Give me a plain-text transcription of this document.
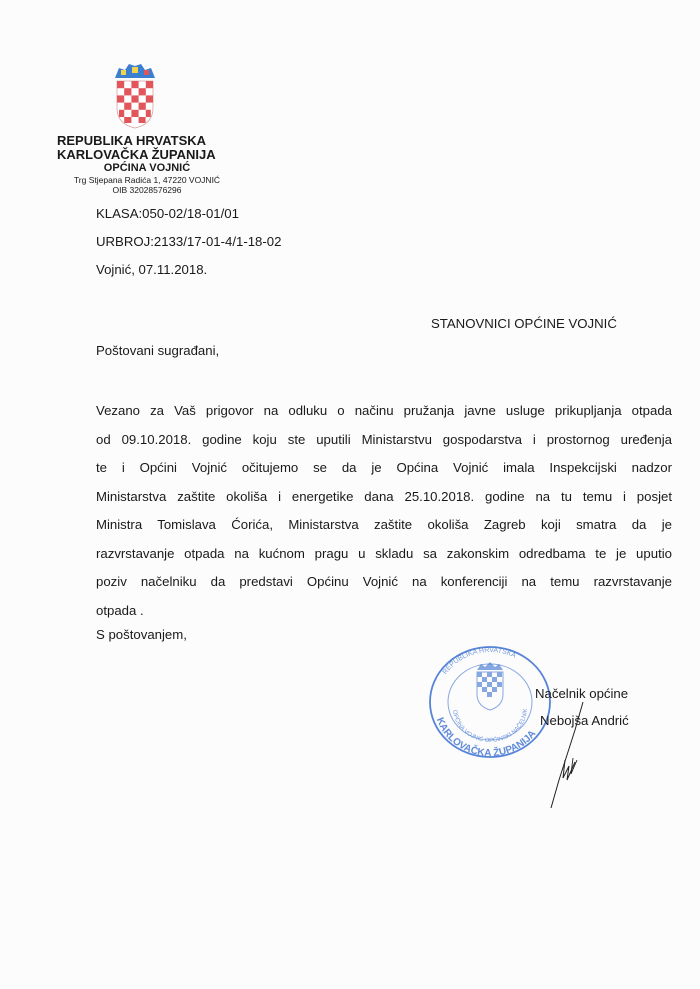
REPUBLIKA HRVATSKA
KARLOVAČKA ŽUPANIJA
OPĆINA VOJNIĆ
Trg Stjepana Radića 1, 47220 VOJNIĆ
OIB 32028576296
KLASA:050-02/18-01/01
URBROJ:2133/17-01-4/1-18-02
Vojnić, 07.11.2018.
STANOVNICI OPĆINE VOJNIĆ
Poštovani sugrađani,
Vezano za Vaš prigovor na odluku o načinu pružanja javne usluge prikupljanja otpada
od 09.10.2018. godine koju ste uputili Ministarstvu gospodarstva i prostornog uređenja
te i Općini Vojnić očitujemo se da je Općina Vojnić imala Inspekcijski nadzor
Ministarstva zaštite okoliša i energetike dana 25.10.2018. godine na tu temu i posjet
Ministra Tomislava Ćorića, Ministarstva zaštite okoliša Zagreb koji smatra da je
razvrstavanje otpada na kućnom pragu u skladu sa zakonskim odredbama te je uputio
poziv načelniku da predstavi Općinu Vojnić na konferenciji na temu razvrstavanje
otpada .
S poštovanjem,
KARLOVAČKA ŽUPANIJA
REPUBLIKA HRVATSKA
OPĆINA VOJNIĆ OPĆINSKI NAČELNIK
Načelnik općine
Nebojša Andrić
